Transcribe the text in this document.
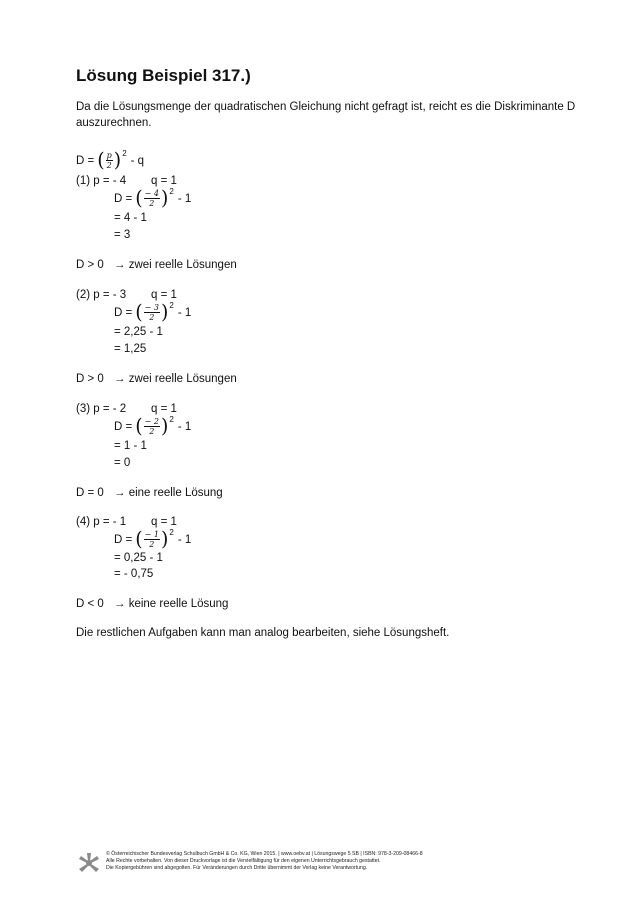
Lösung Beispiel 317.)
Da die Lösungsmenge der quadratischen Gleichung nicht gefragt ist, reicht es die Diskriminante D auszurechnen.
D = ( $\frac{p}{2}$ ) 2
- q
(1) p = - 4 q = 1
D = ( $\frac{- 4}{2}$ ) 2
- 1
= 4 - 1
= 3
D > 0 → zwei reelle Lösungen
(2) p = - 3 q = 1
D = ( $\frac{- 3}{2}$ ) 2
- 1
= 2,25 - 1
= 1,25
D > 0 → zwei reelle Lösungen
(3) p = - 2 q = 1
D = ( $\frac{- 2}{2}$ ) 2
- 1
= 1 - 1
= 0
D = 0 → eine reelle Lösung
(4) p = - 1 q = 1
D = ( $\frac{- 1}{2}$ ) 2
- 1
= 0,25 - 1
= - 0,75
D < 0 → keine reelle Lösung
Die restlichen Aufgaben kann man analog bearbeiten, siehe Lösungsheft.
© Österreichischer Bundesverlag Schulbuch GmbH & Co. KG, Wien 2015. | www.oebv.at | Lösungswege 5 SB | ISBN: 978-3-209-08466-8
Alle Rechte vorbehalten. Von dieser Druckvorlage ist die Vervielfältigung für den eigenen Unterrichtsgebrauch gestattet.
Die Kopiergebühren sind abgegolten. Für Veränderungen durch Dritte übernimmt der Verlag keine Verantwortung.
